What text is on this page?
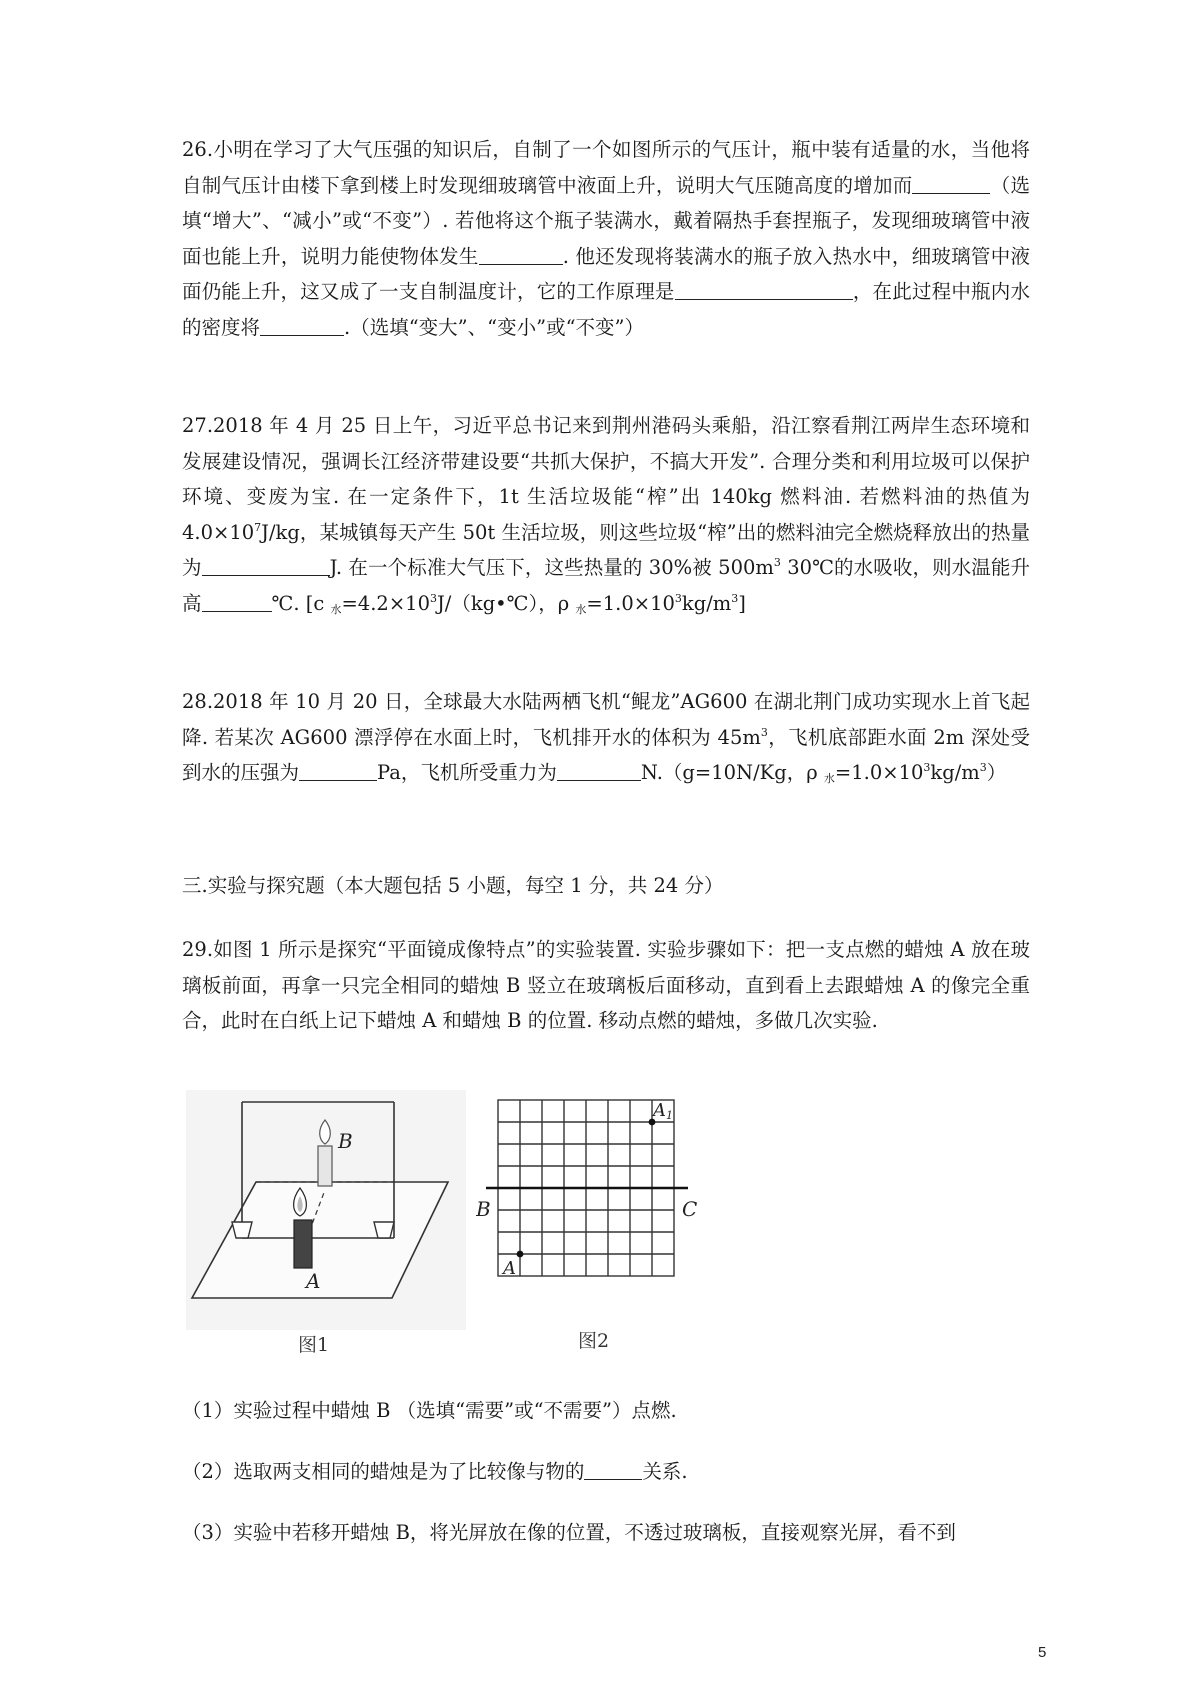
26.小明在学习了大气压强的知识后，自制了一个如图所示的气压计，瓶中装有适量的水，当他将自制气压计由楼下拿到楼上时发现细玻璃管中液面上升，说明大气压随高度的增加而	（选填“增大”、“减小”或“不变”）. 若他将这个瓶子装满水，戴着隔热手套捏瓶子，发现细玻璃管中液面也能上升，说明力能使物体发生	. 他还发现将装满水的瓶子放入热水中，细玻璃管中液面仍能上升，这又成了一支自制温度计，它的工作原理是	，在此过程中瓶内水的密度将	.（选填“变大”、“变小”或“不变”）

27.2018 年 4 月 25 日上午，习近平总书记来到荆州港码头乘船，沿江察看荆江两岸生态环境和发展建设情况，强调长江经济带建设要“共抓大保护，不搞大开发”. 合理分类和利用垃圾可以保护环境、变废为宝. 在一定条件下，1t 生活垃圾能“榨”出 140kg 燃料油. 若燃料油的热值为 $4.0\times 10^7J/kg$，某城镇每天产生 50t 生活垃圾，则这些垃圾“榨”出的燃料油完全燃烧释放出的热量为	J. 在一个标准大气压下，这些热量的 30%被 $500m^3$ 30℃的水吸收，则水温能升高	℃. [c $_水=4.2\times 10^3J/(kg•℃)$，ρ $_水=1.0\times 10^3kg/m^3$]

28.2018 年 10 月 20 日，全球最大水陆两栖飞机“鲲龙”AG600 在湖北荆门成功实现水上首飞起降. 若某次 AG600 漂浮停在水面上时，飞机排开水的体积为 $45m^3$，飞机底部距水面 2m 深处受到水的压强为	Pa，飞机所受重力为	N.（g=10N/Kg，ρ $_水=1.0\times 10^3kg/m^3$）

三.实验与探究题（本大题包括 5 小题，每空 1 分，共 24 分）

29.如图 1 所示是探究“平面镜成像特点”的实验装置. 实验步骤如下：把一支点燃的蜡烛 A 放在玻璃板前面，再拿一只完全相同的蜡烛 B 竖立在玻璃板后面移动，直到看上去跟蜡烛 A 的像完全重合，此时在白纸上记下蜡烛 A 和蜡烛 B 的位置. 移动点燃的蜡烛，多做几次实验.

B
A
A1
A
B	C
图1	图2
（1）实验过程中蜡烛 B （选填“需要”或“不需要”）点燃.
（2）选取两支相同的蜡烛是为了比较像与物的	关系.
（3）实验中若移开蜡烛 B，将光屏放在像的位置，不透过玻璃板，直接观察光屏，看不到
5
